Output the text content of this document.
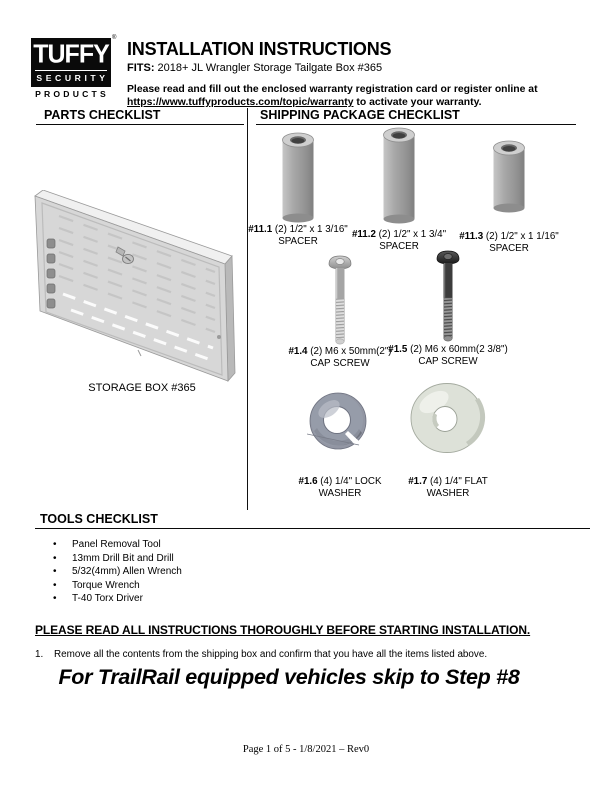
TUFFY
SECURITY
®
PRODUCTS
INSTALLATION INSTRUCTIONS
FITS: 2018+ JL Wrangler Storage Tailgate Box #365
Please read and fill out the enclosed warranty registration card or register online at https://www.tuffyproducts.com/topic/warranty to activate your warranty.
PARTS CHECKLIST	SHIPPING PACKAGE CHECKLIST
STORAGE BOX #365
#11.1 (2) 1/2" x 1 3/16"
SPACER
#11.2 (2) 1/2" x 1 3/4"
SPACER
#11.3 (2) 1/2" x 1 1/16"
SPACER
#1.4 (2) M6 x 50mm(2")
CAP SCREW
#1.5 (2) M6 x 60mm(2 3/8")
CAP SCREW
#1.6 (4) 1/4" LOCK
WASHER
#1.7 (4) 1/4" FLAT
WASHER
TOOLS CHECKLIST
• Panel Removal Tool
• 13mm Drill Bit and Drill
• 5/32(4mm) Allen Wrench
• Torque Wrench
• T-40 Torx Driver
PLEASE READ ALL INSTRUCTIONS THOROUGHLY BEFORE STARTING INSTALLATION.
1.	Remove all the contents from the shipping box and confirm that you have all the items listed above.
For TrailRail equipped vehicles skip to Step #8
Page 1 of 5 - 1/8/2021 – Rev0
